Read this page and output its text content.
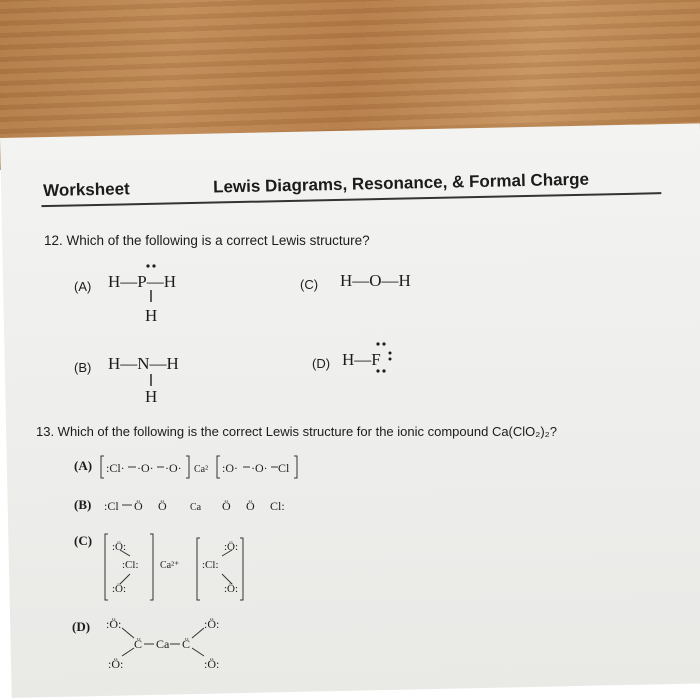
Worksheet	Lewis Diagrams, Resonance, & Formal Charge
12. Which of the following is a correct Lewis structure?
(A) H—P—H
H
(C) H—O—H
(B) H—N—H
H
(D) H—F
13. Which of the following is the correct Lewis structure for the ionic compound Ca(ClO₂)₂?
(A) :Cl· ·O· ·O· Ca² :O· ·O· Cl
(B) :Cl Ö Ö Ca Ö Ö Cl:
(C) :Ö:
:Cl:
:Ö:
Ca²⁺ :Cl:
:Ö:
:Ö:
(D) :Ö:
C̈ Ca C̈
:Ö:
:Ö:	:Ö:
